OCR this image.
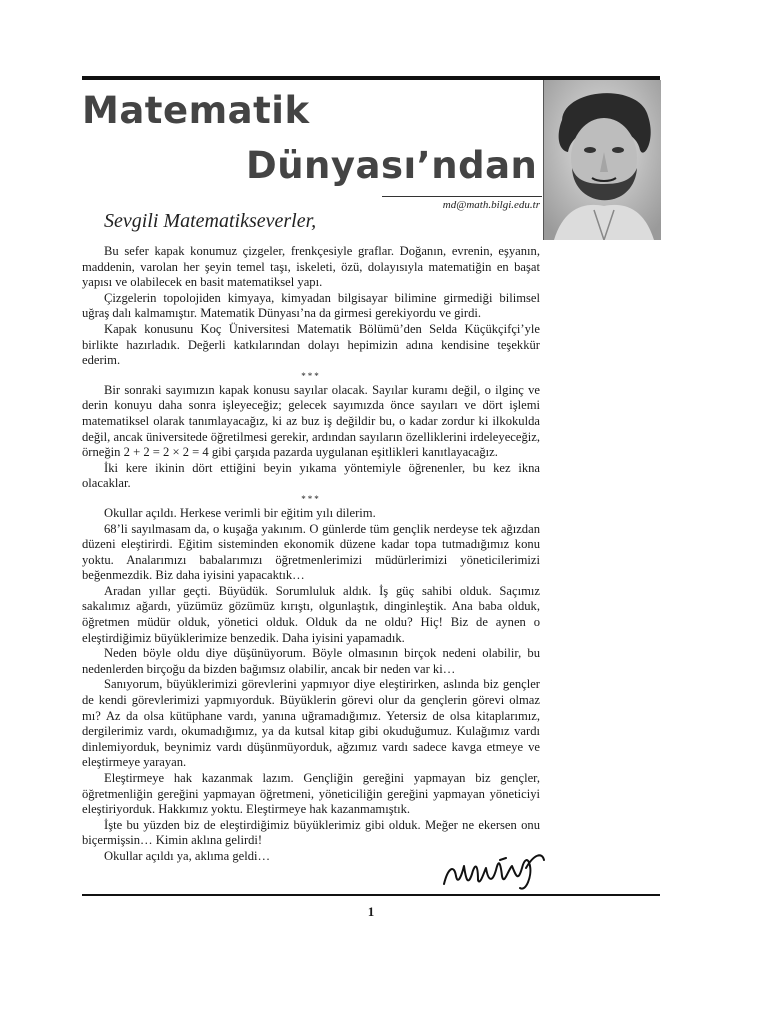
Matematik
Dünyası’ndan
md@math.bilgi.edu.tr

Sevgili Matematikseverler,

Bu sefer kapak konumuz çizgeler, frenkçesiyle graflar. Doğanın, evrenin, eşyanın, maddenin, varolan her şeyin temel taşı, iskeleti, özü, dolayısıyla matematiğin en başat yapısı ve olabilecek en basit matematiksel yapı.

Çizgelerin topolojiden kimyaya, kimyadan bilgisayar bilimine girmediği bilimsel uğraş dalı kalmamıştır. Matematik Dünyası’na da girmesi gerekiyordu ve girdi.

Kapak konusunu Koç Üniversitesi Matematik Bölümü’den Selda Küçükçifçi’yle birlikte hazırladık. Değerli katkılarından dolayı hepimizin adına kendisine teşekkür ederim.

***

Bir sonraki sayımızın kapak konusu sayılar olacak. Sayılar kuramı değil, o ilginç ve derin konuyu daha sonra işleyeceğiz; gelecek sayımızda önce sayıları ve dört işlemi matematiksel olarak tanımlayacağız, ki az buz iş değildir bu, o kadar zordur ki ilkokulda değil, ancak üniversitede öğretilmesi gerekir, ardından sayıların özelliklerini irdeleyeceğiz, örneğin 2 + 2 = 2 × 2 = 4 gibi çarşıda pazarda uygulanan eşitlikleri kanıtlayacağız.

İki kere ikinin dört ettiğini beyin yıkama yöntemiyle öğrenenler, bu kez ikna olacaklar.

***

Okullar açıldı. Herkese verimli bir eğitim yılı dilerim.

68’li sayılmasam da, o kuşağa yakınım. O günlerde tüm gençlik nerdeyse tek ağızdan düzeni eleştirirdi. Eğitim sisteminden ekonomik düzene kadar topa tutmadığımız konu yoktu. Analarımızı babalarımızı öğretmenlerimizi müdürlerimizi yöneticilerimizi beğenmezdik. Biz daha iyisini yapacaktık…

Aradan yıllar geçti. Büyüdük. Sorumluluk aldık. İş güç sahibi olduk. Saçımız sakalımız ağardı, yüzümüz gözümüz kırıştı, olgunlaştık, dinginleştik. Ana baba olduk, öğretmen müdür olduk, yönetici olduk. Olduk da ne oldu? Hiç! Biz de aynen o eleştirdiğimiz büyüklerimize benzedik. Daha iyisini yapamadık.

Neden böyle oldu diye düşünüyorum. Böyle olmasının birçok nedeni olabilir, bu nedenlerden birçoğu da bizden bağımsız olabilir, ancak bir neden var ki…

Sanıyorum, büyüklerimizi görevlerini yapmıyor diye eleştirirken, aslında biz gençler de kendi görevlerimizi yapmıyorduk. Büyüklerin görevi olur da gençlerin görevi olmaz mı? Az da olsa kütüphane vardı, yanına uğramadığımız. Yetersiz de olsa kitaplarımız, dergilerimiz vardı, okumadığımız, ya da kutsal kitap gibi okuduğumuz. Kulağımız vardı dinlemiyorduk, beynimiz vardı düşünmüyorduk, ağzımız vardı sadece kavga etmeye ve eleştirmeye yarayan.

Eleştirmeye hak kazanmak lazım. Gençliğin gereğini yapmayan biz gençler, öğretmenliğin gereğini yapmayan öğretmeni, yöneticiliğin gereğini yapmayan yöneticiyi eleştiriyorduk. Hakkımız yoktu. Eleştirmeye hak kazanmamıştık.

İşte bu yüzden biz de eleştirdiğimiz büyüklerimiz gibi olduk. Meğer ne ekersen onu biçermişsin… Kimin aklına gelirdi!

Okullar açıldı ya, aklıma geldi…

1
